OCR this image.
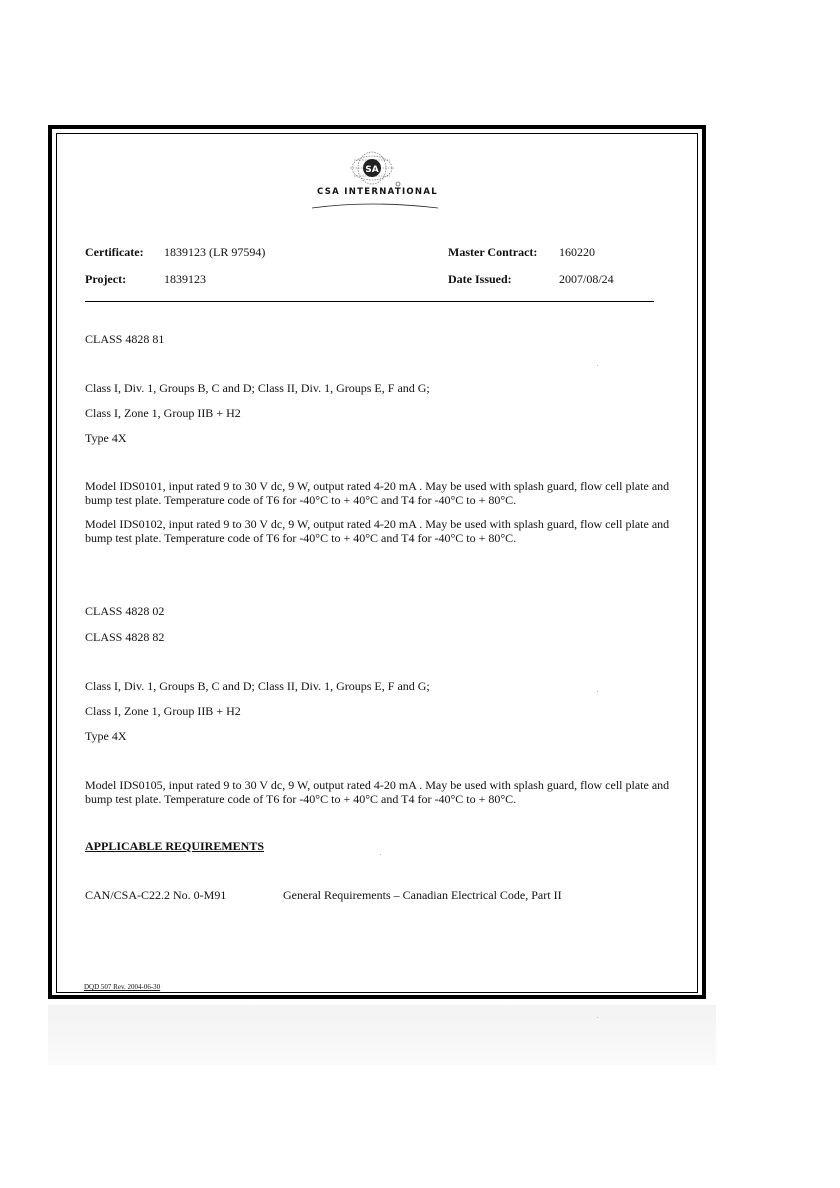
SA
CSA INTERNATIONAL
Certificate: 1839123 (LR 97594)
Project:	1839123
Master Contract: 160220
Date Issued:	2007/08/24
CLASS 4828 81
Class I, Div. 1, Groups B, C and D; Class II, Div. 1, Groups E, F and G;
Class I, Zone 1, Group IIB + H2
Type 4X
Model IDS0101, input rated 9 to 30 V dc, 9 W, output rated 4-20 mA . May be used with splash guard, flow cell plate and bump test plate. Temperature code of T6 for -40°C to + 40°C and T4 for -40°C to + 80°C.
Model IDS0102, input rated 9 to 30 V dc, 9 W, output rated 4-20 mA . May be used with splash guard, flow cell plate and bump test plate. Temperature code of T6 for -40°C to + 40°C and T4 for -40°C to + 80°C.
CLASS 4828 02
CLASS 4828 82
Class I, Div. 1, Groups B, C and D; Class II, Div. 1, Groups E, F and G;
Class I, Zone 1, Group IIB + H2
Type 4X
Model IDS0105, input rated 9 to 30 V dc, 9 W, output rated 4-20 mA . May be used with splash guard, flow cell plate and bump test plate. Temperature code of T6 for -40°C to + 40°C and T4 for -40°C to + 80°C.
APPLICABLE REQUIREMENTS
CAN/CSA-C22.2 No. 0-M91	General Requirements – Canadian Electrical Code, Part II
DQD 507 Rev. 2004-06-30
